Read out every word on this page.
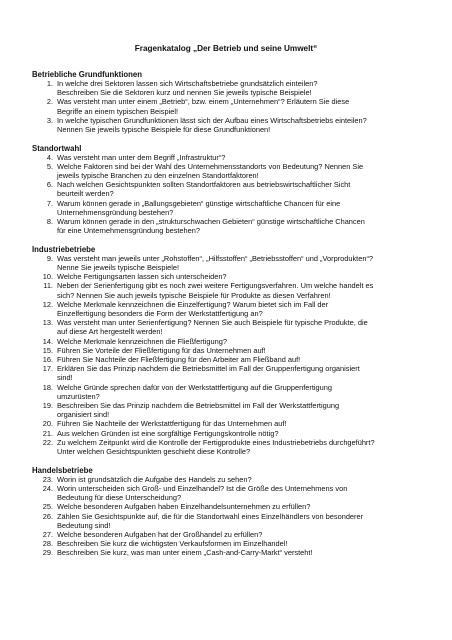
Fragenkatalog „Der Betrieb und seine Umwelt“
Betriebliche Grundfunktionen
1. In welche drei Sektoren lassen sich Wirtschaftsbetriebe grundsätzlich einteilen?
Beschreiben Sie die Sektoren kurz und nennen Sie jeweils typische Beispiele!
2. Was versteht man unter einem „Betrieb“, bzw. einem „Unternehmen“? Erläutern Sie diese
Begriffe an einem typischen Beispiel!
3. In welche typischen Grundfunktionen lässt sich der Aufbau eines Wirtschaftsbetriebs einteilen?
Nennen Sie jeweils typische Beispiele für diese Grundfunktionen!
Standortwahl
4. Was versteht man unter dem Begriff „Infrastruktur“?
5. Welche Faktoren sind bei der Wahl des Unternehmensstandorts von Bedeutung? Nennen Sie
jeweils typische Branchen zu den einzelnen Standortfaktoren!
6. Nach welchen Gesichtspunkten sollten Standortfaktoren aus betriebswirtschaftlicher Sicht
beurteilt werden?
7. Warum können gerade in „Ballungsgebieten“ günstige wirtschaftliche Chancen für eine
Unternehmensgründung bestehen?
8. Warum können gerade in den „strukturschwachen Gebieten“ günstige wirtschaftliche Chancen
für eine Unternehmensgründung bestehen?
Industriebetriebe
9. Was versteht man jeweils unter „Rohstoffen“, „Hilfsstoffen“ „Betriebsstoffen“ und „Vorprodukten“?
Nenne Sie jeweils typische Beispiele!
10. Welche Fertigungsarten lassen sich unterscheiden?
11. Neben der Serienfertigung gibt es noch zwei weitere Fertigungsverfahren. Um welche handelt es
sich? Nennen Sie auch jeweils typische Beispiele für Produkte as diesen Verfahren!
12. Welche Merkmale kennzeichnen die Einzelfertigung? Warum bietet sich im Fall der
Einzelfertigung besonders die Form der Werkstattfertigung an?
13. Was versteht man unter Serienfertigung? Nennen Sie auch Beispiele für typische Produkte, die
auf diese Art hergestellt werden!
14. Welche Merkmale kennzeichnen die Fließfertigung?
15. Führen Sie Vorteile der Fließfertigung für das Unternehmen auf!
16. Führen Sie Nachteile der Fließfertigung für den Arbeiter am Fließband auf!
17. Erklären Sie das Prinzip nachdem die Betriebsmittel im Fall der Gruppenfertigung organisiert
sind!
18. Welche Gründe sprechen dafür von der Werkstattfertigung auf die Gruppenfertigung
umzurüsten?
19. Beschreiben Sie das Prinzip nachdem die Betriebsmittel im Fall der Werkstattfertigung
organisiert sind!
20. Führen Sie Nachteile der Werkstattfertigung für das Unternehmen auf!
21. Aus welchen Gründen ist eine sorgfältige Fertigungskontrolle nötig?
22. Zu welchem Zeitpunkt wird die Kontrolle der Fertigprodukte eines Industriebetriebs durchgeführt?
Unter welchen Gesichtspunkten geschieht diese Kontrolle?
Handelsbetriebe
23. Worin ist grundsätzlich die Aufgabe des Handels zu sehen?
24. Worin unterscheiden sich Groß- und Einzelhandel? Ist die Größe des Unternehmens von
Bedeutung für diese Unterscheidung?
25. Welche besonderen Aufgaben haben Einzelhandelsunternehmen zu erfüllen?
26. Zählen Sie Gesichtspunkte auf, die für die Standortwahl eines Einzelhändlers von besonderer
Bedeutung sind!
27. Welche besonderen Aufgaben hat der Großhandel zu erfüllen?
28. Beschreiben Sie kurz die wichtigsten Verkaufsformen im Einzelhandel!
29. Beschreiben Sie kurz, was man unter einem „Cash-and-Carry-Markt“ versteht!
